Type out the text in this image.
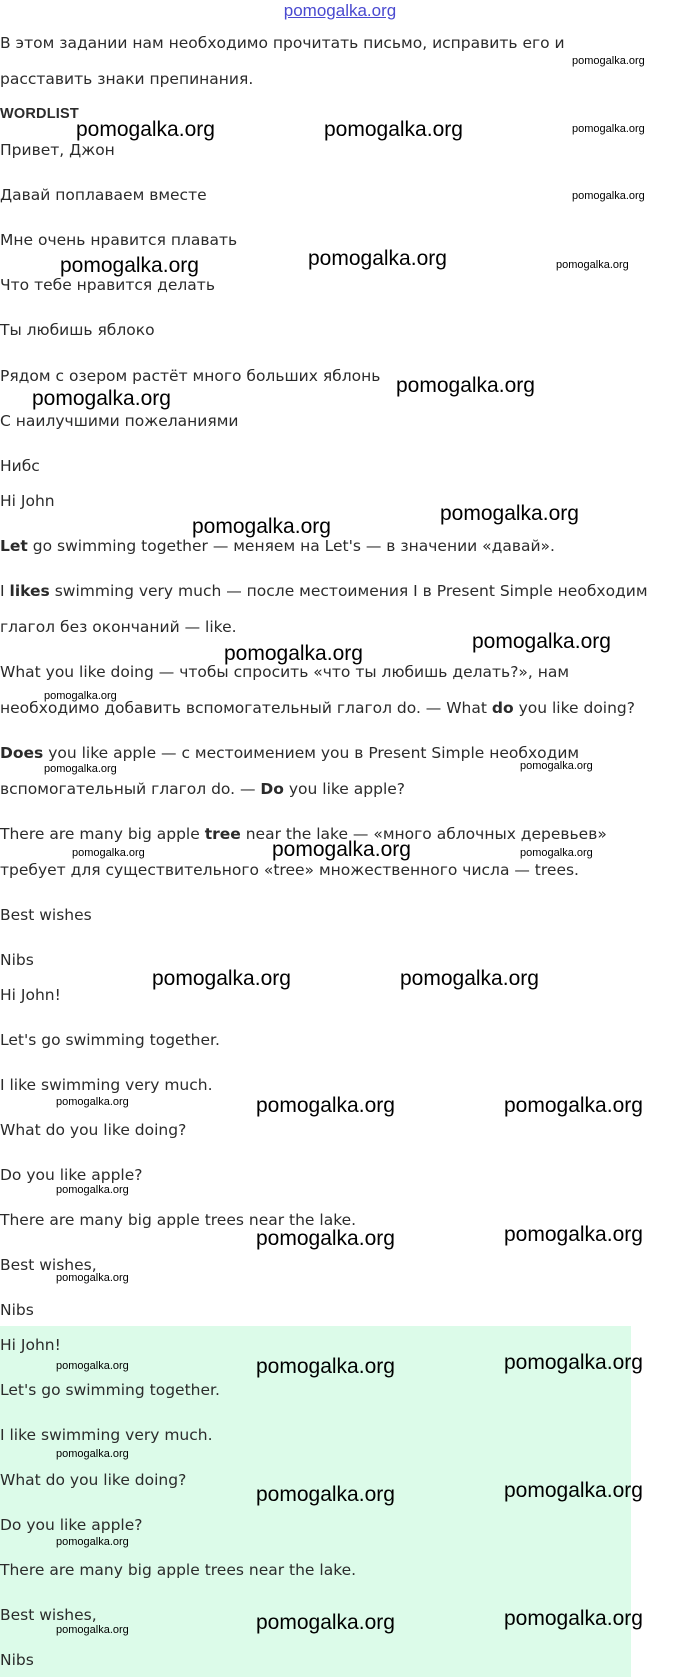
pomogalka.org
В этом задании нам необходимо прочитать письмо, исправить его и
расставить знаки препинания.
WORDLIST
Привет, Джон
Давай поплаваем вместе
Мне очень нравится плавать
Что тебе нравится делать
Ты любишь яблоко
Рядом с озером растёт много больших яблонь
С наилучшими пожеланиями
Нибс
Hi John
Let go swimming together — меняем на Let's — в значении «давай».
I likes swimming very much — после местоимения I в Present Simple необходим
глагол без окончаний — like.
What you like doing — чтобы спросить «что ты любишь делать?», нам
необходимо добавить вспомогательный глагол do. — What do you like doing?
Does you like apple — с местоимением you в Present Simple необходим
вспомогательный глагол do. — Do you like apple?
There are many big apple tree near the lake — «много аблочных деревьев»
требует для существительного «tree» множественного числа — trees.
Best wishes
Nibs
Hi John!
Let's go swimming together.
I like swimming very much.
What do you like doing?
Do you like apple?
There are many big apple trees near the lake.
Best wishes,
Nibs
Hi John!
Let's go swimming together.
I like swimming very much.
What do you like doing?
Do you like apple?
There are many big apple trees near the lake.
Best wishes,
Nibs
pomogalka.org
pomogalka.org	pomogalka.org	pomogalka.org
pomogalka.org
pomogalka.org	pomogalka.org	pomogalka.org
pomogalka.org
pomogalka.org
pomogalka.org
pomogalka.org
pomogalka.org
pomogalka.org
pomogalka.org
pomogalka.org	pomogalka.org
pomogalka.org
pomogalka.org	pomogalka.org
pomogalka.org	pomogalka.org
pomogalka.org	pomogalka.org	pomogalka.org
pomogalka.org
pomogalka.org	pomogalka.org
pomogalka.org
pomogalka.org	pomogalka.org	pomogalka.org
pomogalka.org
pomogalka.org	pomogalka.org
pomogalka.org
pomogalka.org	pomogalka.org	pomogalka.org
